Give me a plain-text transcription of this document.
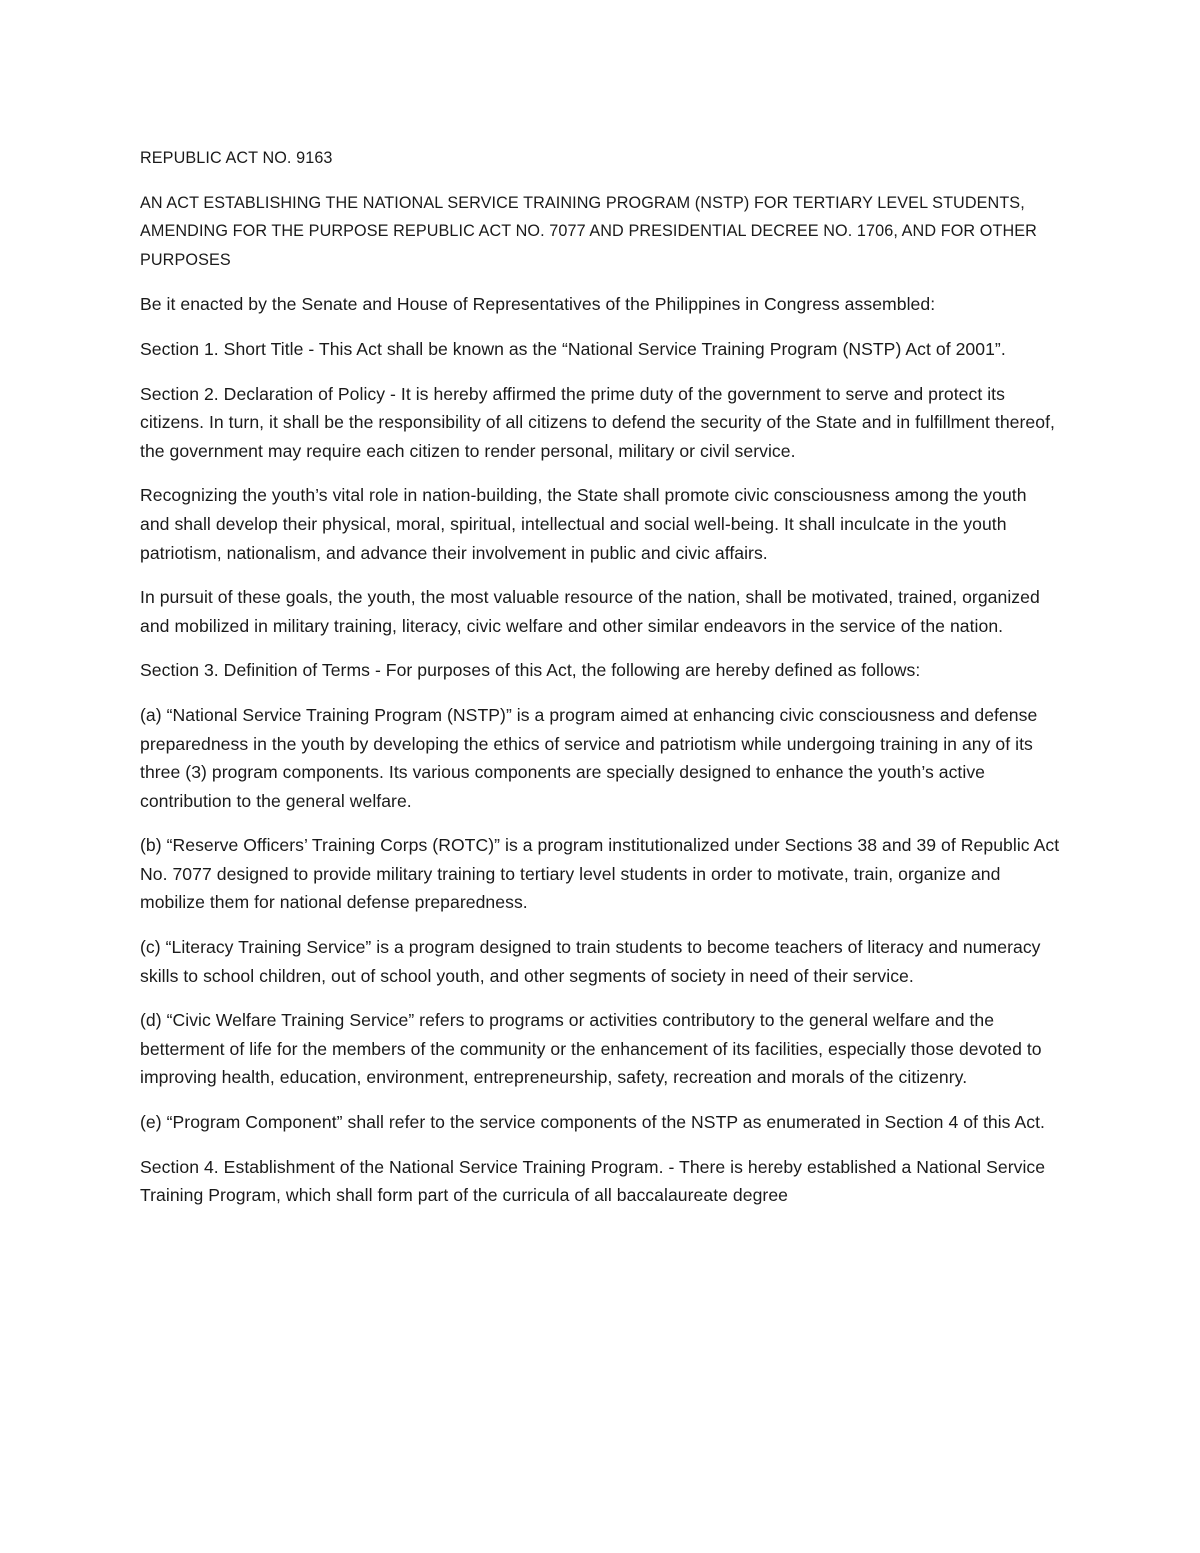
REPUBLIC ACT NO. 9163

AN ACT ESTABLISHING THE NATIONAL SERVICE TRAINING PROGRAM (NSTP) FOR TERTIARY LEVEL STUDENTS, AMENDING FOR THE PURPOSE REPUBLIC ACT NO. 7077 AND PRESIDENTIAL DECREE NO. 1706, AND FOR OTHER PURPOSES

Be it enacted by the Senate and House of Representatives of the Philippines in Congress assembled:

Section 1. Short Title - This Act shall be known as the “National Service Training Program (NSTP) Act of 2001”.

Section 2. Declaration of Policy - It is hereby affirmed the prime duty of the government to serve and protect its citizens. In turn, it shall be the responsibility of all citizens to defend the security of the State and in fulfillment thereof, the government may require each citizen to render personal, military or civil service.

Recognizing the youth’s vital role in nation-building, the State shall promote civic consciousness among the youth and shall develop their physical, moral, spiritual, intellectual and social well-being. It shall inculcate in the youth patriotism, nationalism, and advance their involvement in public and civic affairs.

In pursuit of these goals, the youth, the most valuable resource of the nation, shall be motivated, trained, organized and mobilized in military training, literacy, civic welfare and other similar endeavors in the service of the nation.

Section 3. Definition of Terms - For purposes of this Act, the following are hereby defined as follows:

(a) “National Service Training Program (NSTP)” is a program aimed at enhancing civic consciousness and defense preparedness in the youth by developing the ethics of service and patriotism while undergoing training in any of its three (3) program components. Its various components are specially designed to enhance the youth’s active contribution to the general welfare.

(b) “Reserve Officers’ Training Corps (ROTC)” is a program institutionalized under Sections 38 and 39 of Republic Act No. 7077 designed to provide military training to tertiary level students in order to motivate, train, organize and mobilize them for national defense preparedness.

(c) “Literacy Training Service” is a program designed to train students to become teachers of literacy and numeracy skills to school children, out of school youth, and other segments of society in need of their service.

(d) “Civic Welfare Training Service” refers to programs or activities contributory to the general welfare and the betterment of life for the members of the community or the enhancement of its facilities, especially those devoted to improving health, education, environment, entrepreneurship, safety, recreation and morals of the citizenry.

(e) “Program Component” shall refer to the service components of the NSTP as enumerated in Section 4 of this Act.

Section 4. Establishment of the National Service Training Program. - There is hereby established a National Service Training Program, which shall form part of the curricula of all baccalaureate degree
